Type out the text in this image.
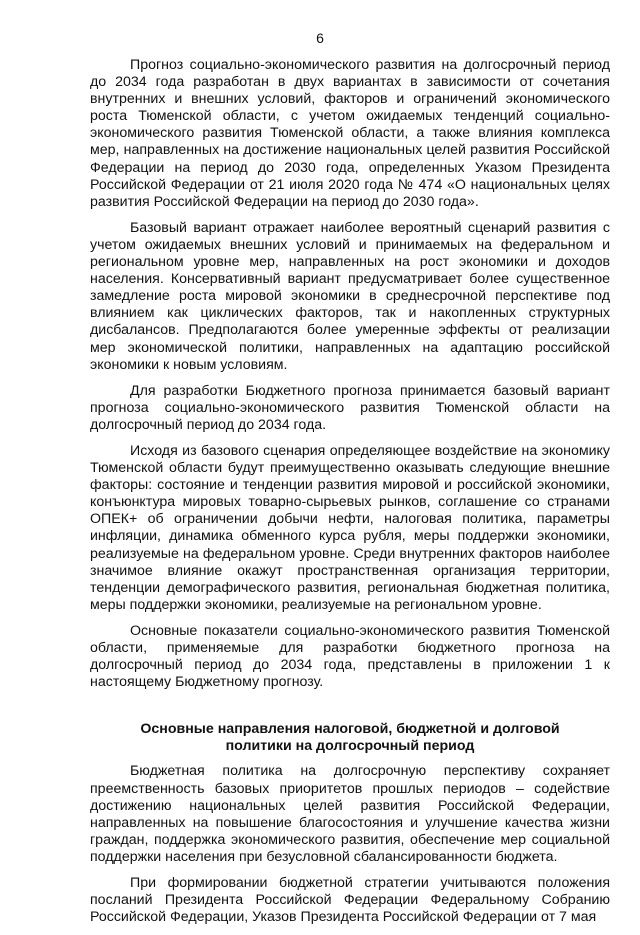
6

Прогноз социально-экономического развития на долгосрочный период до 2034 года разработан в двух вариантах в зависимости от сочетания внутренних и внешних условий, факторов и ограничений экономического роста Тюменской области, с учетом ожидаемых тенденций социально-экономического развития Тюменской области, а также влияния комплекса мер, направленных на достижение национальных целей развития Российской Федерации на период до 2030 года, определенных Указом Президента Российской Федерации от 21 июля 2020 года № 474 «О национальных целях развития Российской Федерации на период до 2030 года».

Базовый вариант отражает наиболее вероятный сценарий развития с учетом ожидаемых внешних условий и принимаемых на федеральном и региональном уровне мер, направленных на рост экономики и доходов населения. Консервативный вариант предусматривает более существенное замедление роста мировой экономики в среднесрочной перспективе под влиянием как циклических факторов, так и накопленных структурных дисбалансов. Предполагаются более умеренные эффекты от реализации мер экономической политики, направленных на адаптацию российской экономики к новым условиям.

Для разработки Бюджетного прогноза принимается базовый вариант прогноза социально-экономического развития Тюменской области на долгосрочный период до 2034 года.

Исходя из базового сценария определяющее воздействие на экономику Тюменской области будут преимущественно оказывать следующие внешние факторы: состояние и тенденции развития мировой и российской экономики, конъюнктура мировых товарно-сырьевых рынков, соглашение со странами ОПЕК+ об ограничении добычи нефти, налоговая политика, параметры инфляции, динамика обменного курса рубля, меры поддержки экономики, реализуемые на федеральном уровне. Среди внутренних факторов наиболее значимое влияние окажут пространственная организация территории, тенденции демографического развития, региональная бюджетная политика, меры поддержки экономики, реализуемые на региональном уровне.

Основные показатели социально-экономического развития Тюменской области, применяемые для разработки бюджетного прогноза на долгосрочный период до 2034 года, представлены в приложении 1 к настоящему Бюджетному прогнозу.

Основные направления налоговой, бюджетной и долговой
политики на долгосрочный период

Бюджетная политика на долгосрочную перспективу сохраняет преемственность базовых приоритетов прошлых периодов – содействие достижению национальных целей развития Российской Федерации, направленных на повышение благосостояния и улучшение качества жизни граждан, поддержка экономического развития, обеспечение мер социальной поддержки населения при безусловной сбалансированности бюджета.

При формировании бюджетной стратегии учитываются положения посланий Президента Российской Федерации Федеральному Собранию Российской Федерации, Указов Президента Российской Федерации от 7 мая
